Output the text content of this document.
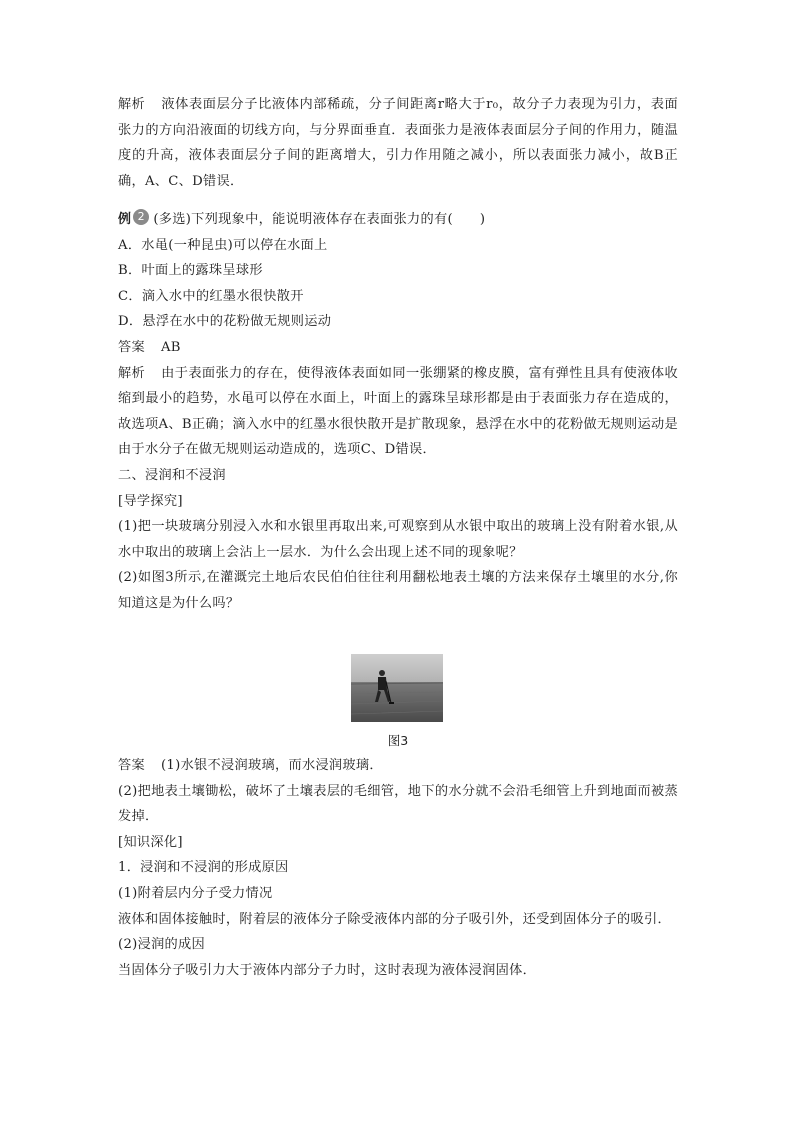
解析 液体表面层分子比液体内部稀疏，分子间距离r略大于r₀，故分子力表现为引力，表面张力的方向沿液面的切线方向，与分界面垂直．表面张力是液体表面层分子间的作用力，随温度的升高，液体表面层分子间的距离增大，引力作用随之减小，所以表面张力减小，故B正确，A、C、D错误．

例 2 (多选)下列现象中，能说明液体存在表面张力的有(　　)

A．水黾(一种昆虫)可以停在水面上

B．叶面上的露珠呈球形

C．滴入水中的红墨水很快散开

D．悬浮在水中的花粉做无规则运动

答案 AB

解析 由于表面张力的存在，使得液体表面如同一张绷紧的橡皮膜，富有弹性且具有使液体收缩到最小的趋势，水黾可以停在水面上，叶面上的露珠呈球形都是由于表面张力存在造成的，故选项A、B正确；滴入水中的红墨水很快散开是扩散现象，悬浮在水中的花粉做无规则运动是由于水分子在做无规则运动造成的，选项C、D错误．

二、浸润和不浸润

[导学探究]

(1)把一块玻璃分别浸入水和水银里再取出来,可观察到从水银中取出的玻璃上没有附着水银,从水中取出的玻璃上会沾上一层水．为什么会出现上述不同的现象呢？

(2)如图3所示,在灌溉完土地后农民伯伯往往利用翻松地表土壤的方法来保存土壤里的水分,你知道这是为什么吗？

图3

答案 (1)水银不浸润玻璃，而水浸润玻璃．

(2)把地表土壤锄松，破坏了土壤表层的毛细管，地下的水分就不会沿毛细管上升到地面而被蒸发掉．

[知识深化]

1．浸润和不浸润的形成原因

(1)附着层内分子受力情况

液体和固体接触时，附着层的液体分子除受液体内部的分子吸引外，还受到固体分子的吸引．

(2)浸润的成因

当固体分子吸引力大于液体内部分子力时，这时表现为液体浸润固体．
